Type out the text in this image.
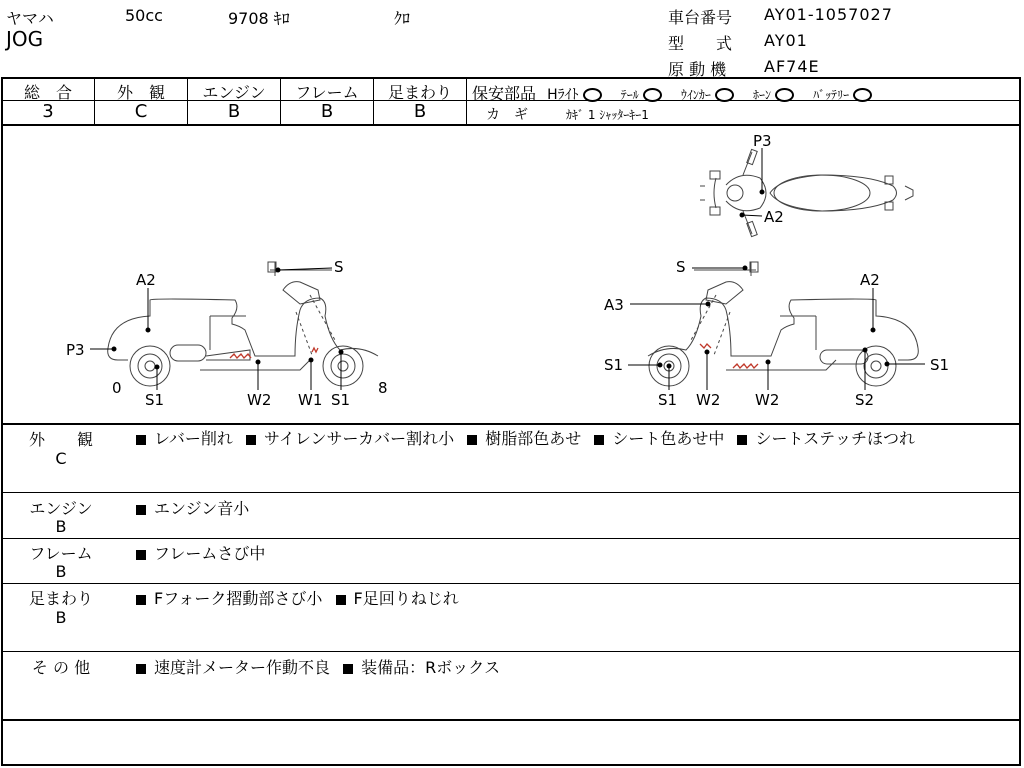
ヤマハ	50cc	9708 ｷﾛ	ｸﾛ
JOG
車台番号 AY01-1057027
型　　式 AY01
原 動 機 AF74E
総　合	外　観	エンジン	フレーム	足まわり
3	C	B	B	B
保安部品 Hﾗｲﾄ	ﾃｰﾙ	ｳｲﾝｶｰ	ﾎｰﾝ	ﾊﾞｯﾃﾘｰ
カ　ギ	ｶｷﾞ 1 ｼｬｯﾀｰｷｰ1
P3
A2
A2
P3
S
0
S1	W2 W1 S1
8
S
A2
A3
S1
S1 W2 W2	S2
S1
外　　観
C
レバー削れ サイレンサーカバー割れ小 樹脂部色あせ シート色あせ中 シートステッチほつれ
エンジン
B
エンジン音小
フレーム
B
フレームさび中
足まわり
B
Fフォーク摺動部さび小 F足回りねじれ
そ の 他	速度計メーター作動不良 装備品：Rボックス
